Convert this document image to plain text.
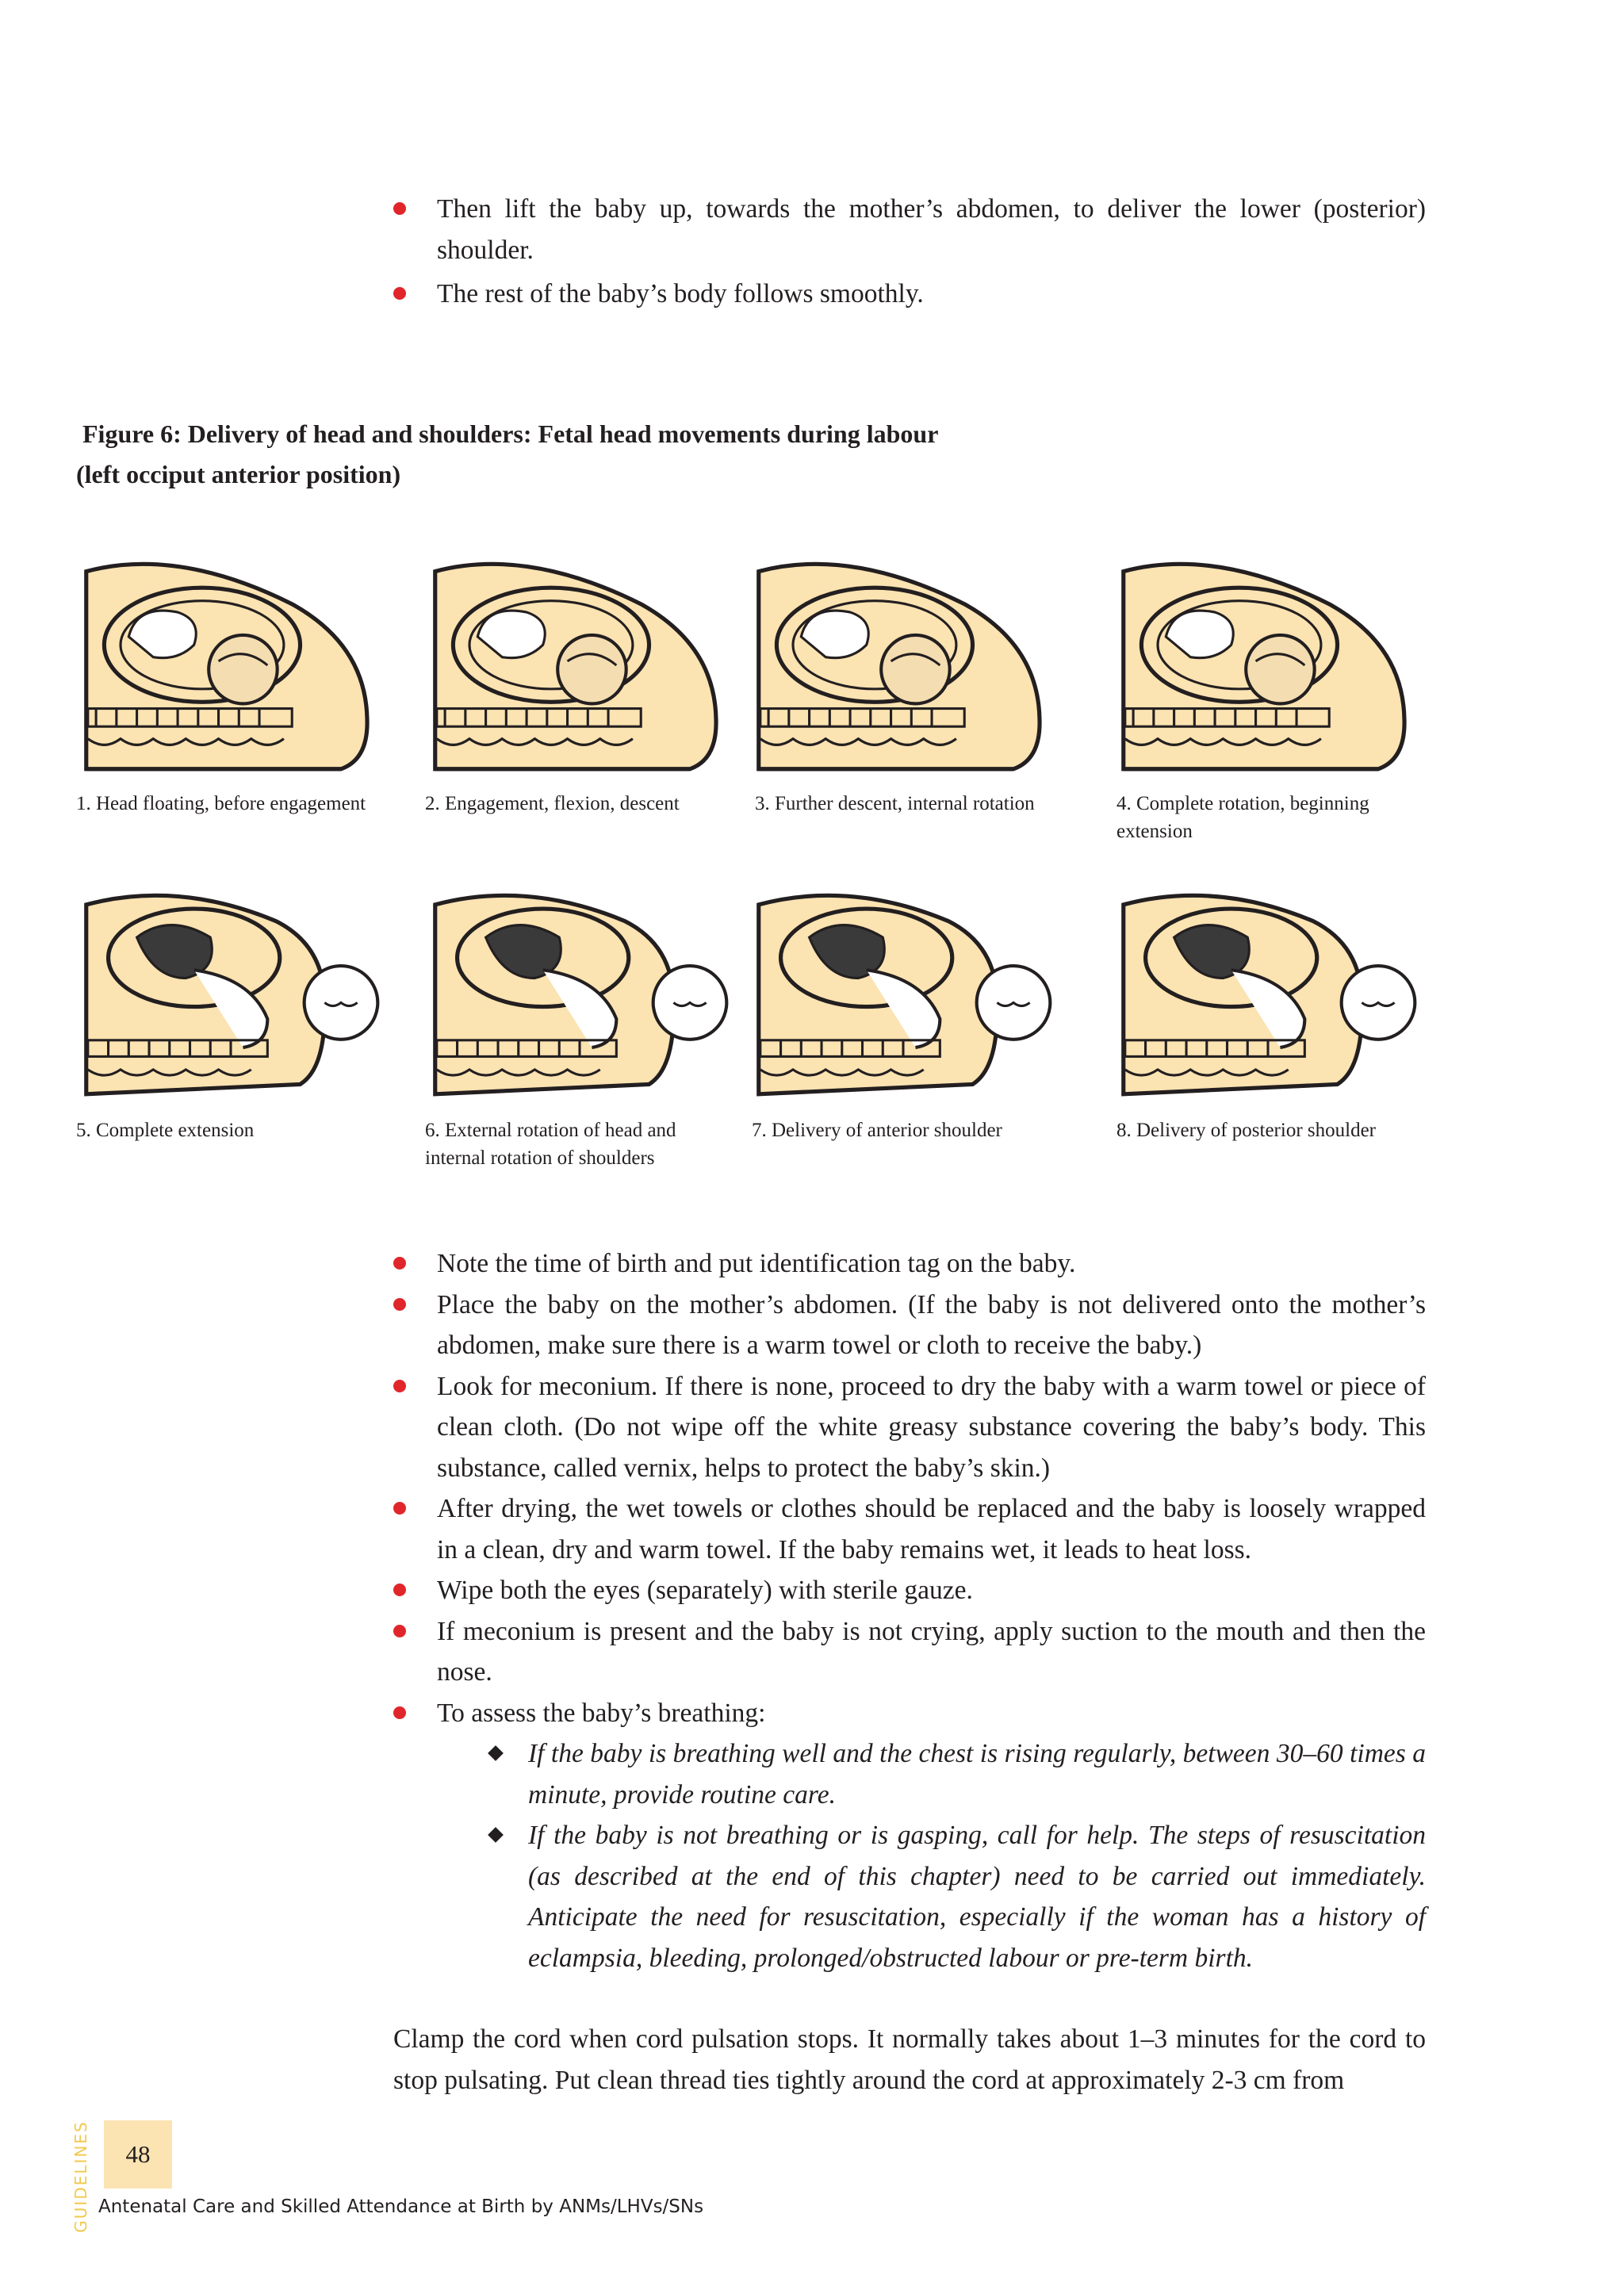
Then lift the baby up, towards the mother’s abdomen, to deliver the lower (posterior) shoulder.
The rest of the baby’s body follows smoothly.
Figure 6: Delivery of head and shoulders: Fetal head movements during labour
(left occiput anterior position)
1. Head floating, before engagement	2. Engagement, flexion, descent	3. Further descent, internal rotation	4. Complete rotation, beginning extension
5. Complete extension	6. External rotation of head and internal rotation of shoulders
7. Delivery of anterior shoulder	8. Delivery of posterior shoulder
Note the time of birth and put identification tag on the baby.
Place the baby on the mother’s abdomen. (If the baby is not delivered onto the mother’s abdomen, make sure there is a warm towel or cloth to receive the baby.)
Look for meconium. If there is none, proceed to dry the baby with a warm towel or piece of clean cloth. (Do not wipe off the white greasy substance covering the baby’s body. This substance, called vernix, helps to protect the baby’s skin.)
After drying, the wet towels or clothes should be replaced and the baby is loosely wrapped in a clean, dry and warm towel. If the baby remains wet, it leads to heat loss.
Wipe both the eyes (separately) with sterile gauze.
If meconium is present and the baby is not crying, apply suction to the mouth and then the nose.
To assess the baby’s breathing:
If the baby is breathing well and the chest is rising regularly, between 30–60 times a minute, provide routine care.
If the baby is not breathing or is gasping, call for help. The steps of resuscitation (as described at the end of this chapter) need to be carried out immediately. Anticipate the need for resuscitation, especially if the woman has a history of eclampsia, bleeding, prolonged/obstructed labour or pre-term birth.
Clamp the cord when cord pulsation stops. It normally takes about 1–3 minutes for the cord to stop pulsating. Put clean thread ties tightly around the cord at approximately 2-3 cm from
GUIDELINES	48
Antenatal Care and Skilled Attendance at Birth by ANMs/LHVs/SNs
